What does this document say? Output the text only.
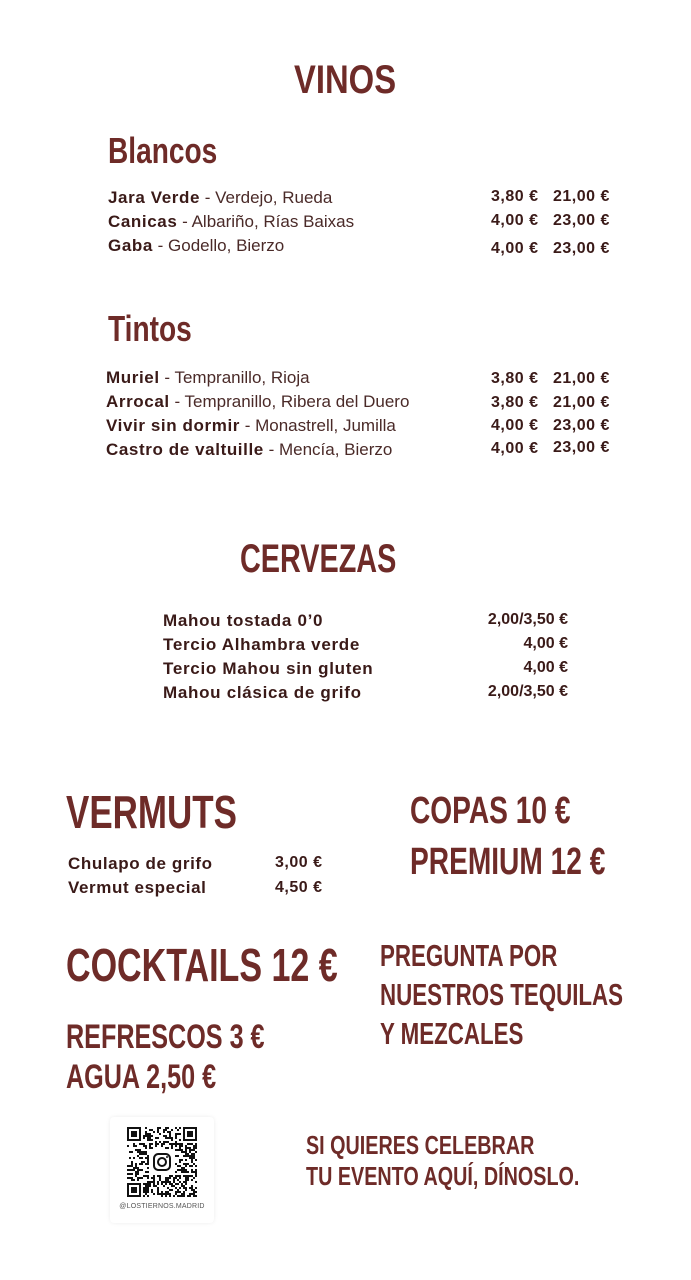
VINOS
Blancos
Jara Verde - Verdejo, Rueda	3,80 € 21,00 €
Canicas - Albariño, Rías Baixas	4,00 € 23,00 €
Gaba - Godello, Bierzo	4,00 € 23,00 €
Tintos
Muriel - Tempranillo, Rioja	3,80 € 21,00 €
Arrocal - Tempranillo, Ribera del Duero	3,80 € 21,00 €
Vivir sin dormir - Monastrell, Jumilla	4,00 € 23,00 €
Castro de valtuille - Mencía, Bierzo	4,00 € 23,00 €
CERVEZAS
Mahou tostada 0’0	2,00/3,50 €
Tercio Alhambra verde	4,00 €
Tercio Mahou sin gluten	4,00 €
Mahou clásica de grifo	2,00/3,50 €
VERMUTS
Chulapo de grifo	3,00 €
Vermut especial	4,50 €
COPAS 10 €
PREMIUM 12 €
COCKTAILS 12 € PREGUNTA POR
NUESTROS TEQUILAS
Y MEZCALES
REFRESCOS 3 €
AGUA 2,50 €
@LOSTIERNOS.MADRID
SI QUIERES CELEBRAR
TU EVENTO AQUÍ, DÍNOSLO.
